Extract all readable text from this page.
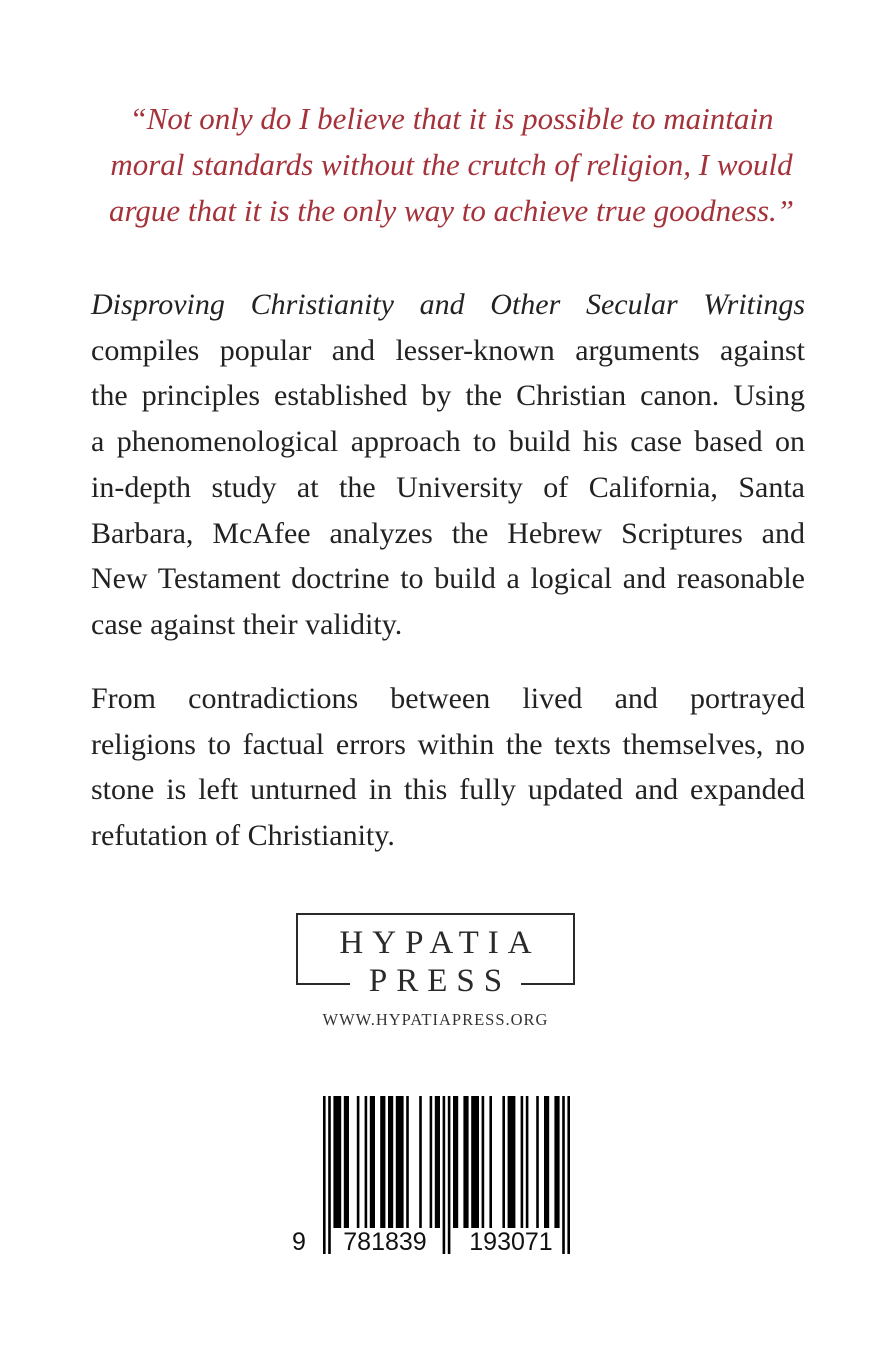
“Not only do I believe that it is possible to maintain
moral standards without the crutch of religion, I would
argue that it is the only way to achieve true goodness.”
Disproving Christianity and Other Secular Writings
compiles popular and lesser-known arguments against
the principles established by the Christian canon. Using
a phenomenological approach to build his case based on
in-depth study at the University of California, Santa
Barbara, McAfee analyzes the Hebrew Scriptures and
New Testament doctrine to build a logical and reasonable
case against their validity.
From contradictions between lived and portrayed
religions to factual errors within the texts themselves, no
stone is left unturned in this fully updated and expanded
refutation of Christianity.
HYPATIA
PRESS
WWW.HYPATIAPRESS.ORG
9	781839	193071
